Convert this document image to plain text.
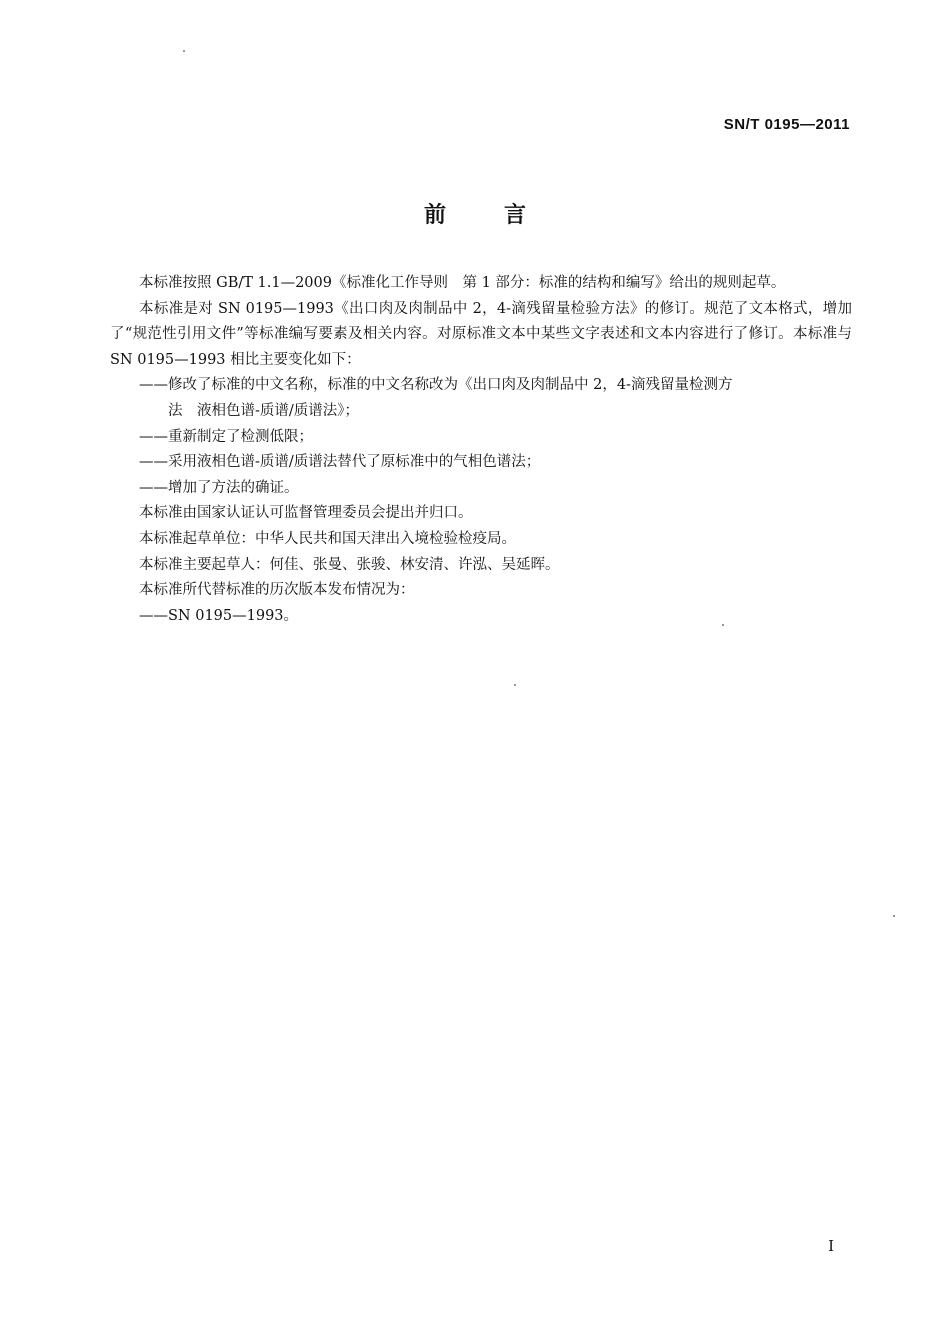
SN/T 0195—2011
前言

本标准按照 GB/T 1.1—2009《标准化工作导则　第 1 部分：标准的结构和编写》给出的规则起草。

本标准是对 SN 0195—1993《出口肉及肉制品中 2，4-滴残留量检验方法》的修订。规范了文本格式，增加了“规范性引用文件”等标准编写要素及相关内容。对原标准文本中某些文字表述和文本内容进行了修订。本标准与 SN 0195—1993 相比主要变化如下：

——修改了标准的中文名称，标准的中文名称改为《出口肉及肉制品中 2，4-滴残留量检测方

法　液相色谱-质谱/质谱法》；

——重新制定了检测低限；

——采用液相色谱-质谱/质谱法替代了原标准中的气相色谱法；

——增加了方法的确证。

本标准由国家认证认可监督管理委员会提出并归口。

本标准起草单位：中华人民共和国天津出入境检验检疫局。

本标准主要起草人：何佳、张曼、张骏、林安清、许泓、吴延晖。

本标准所代替标准的历次版本发布情况为：

——SN 0195—1993。

I
